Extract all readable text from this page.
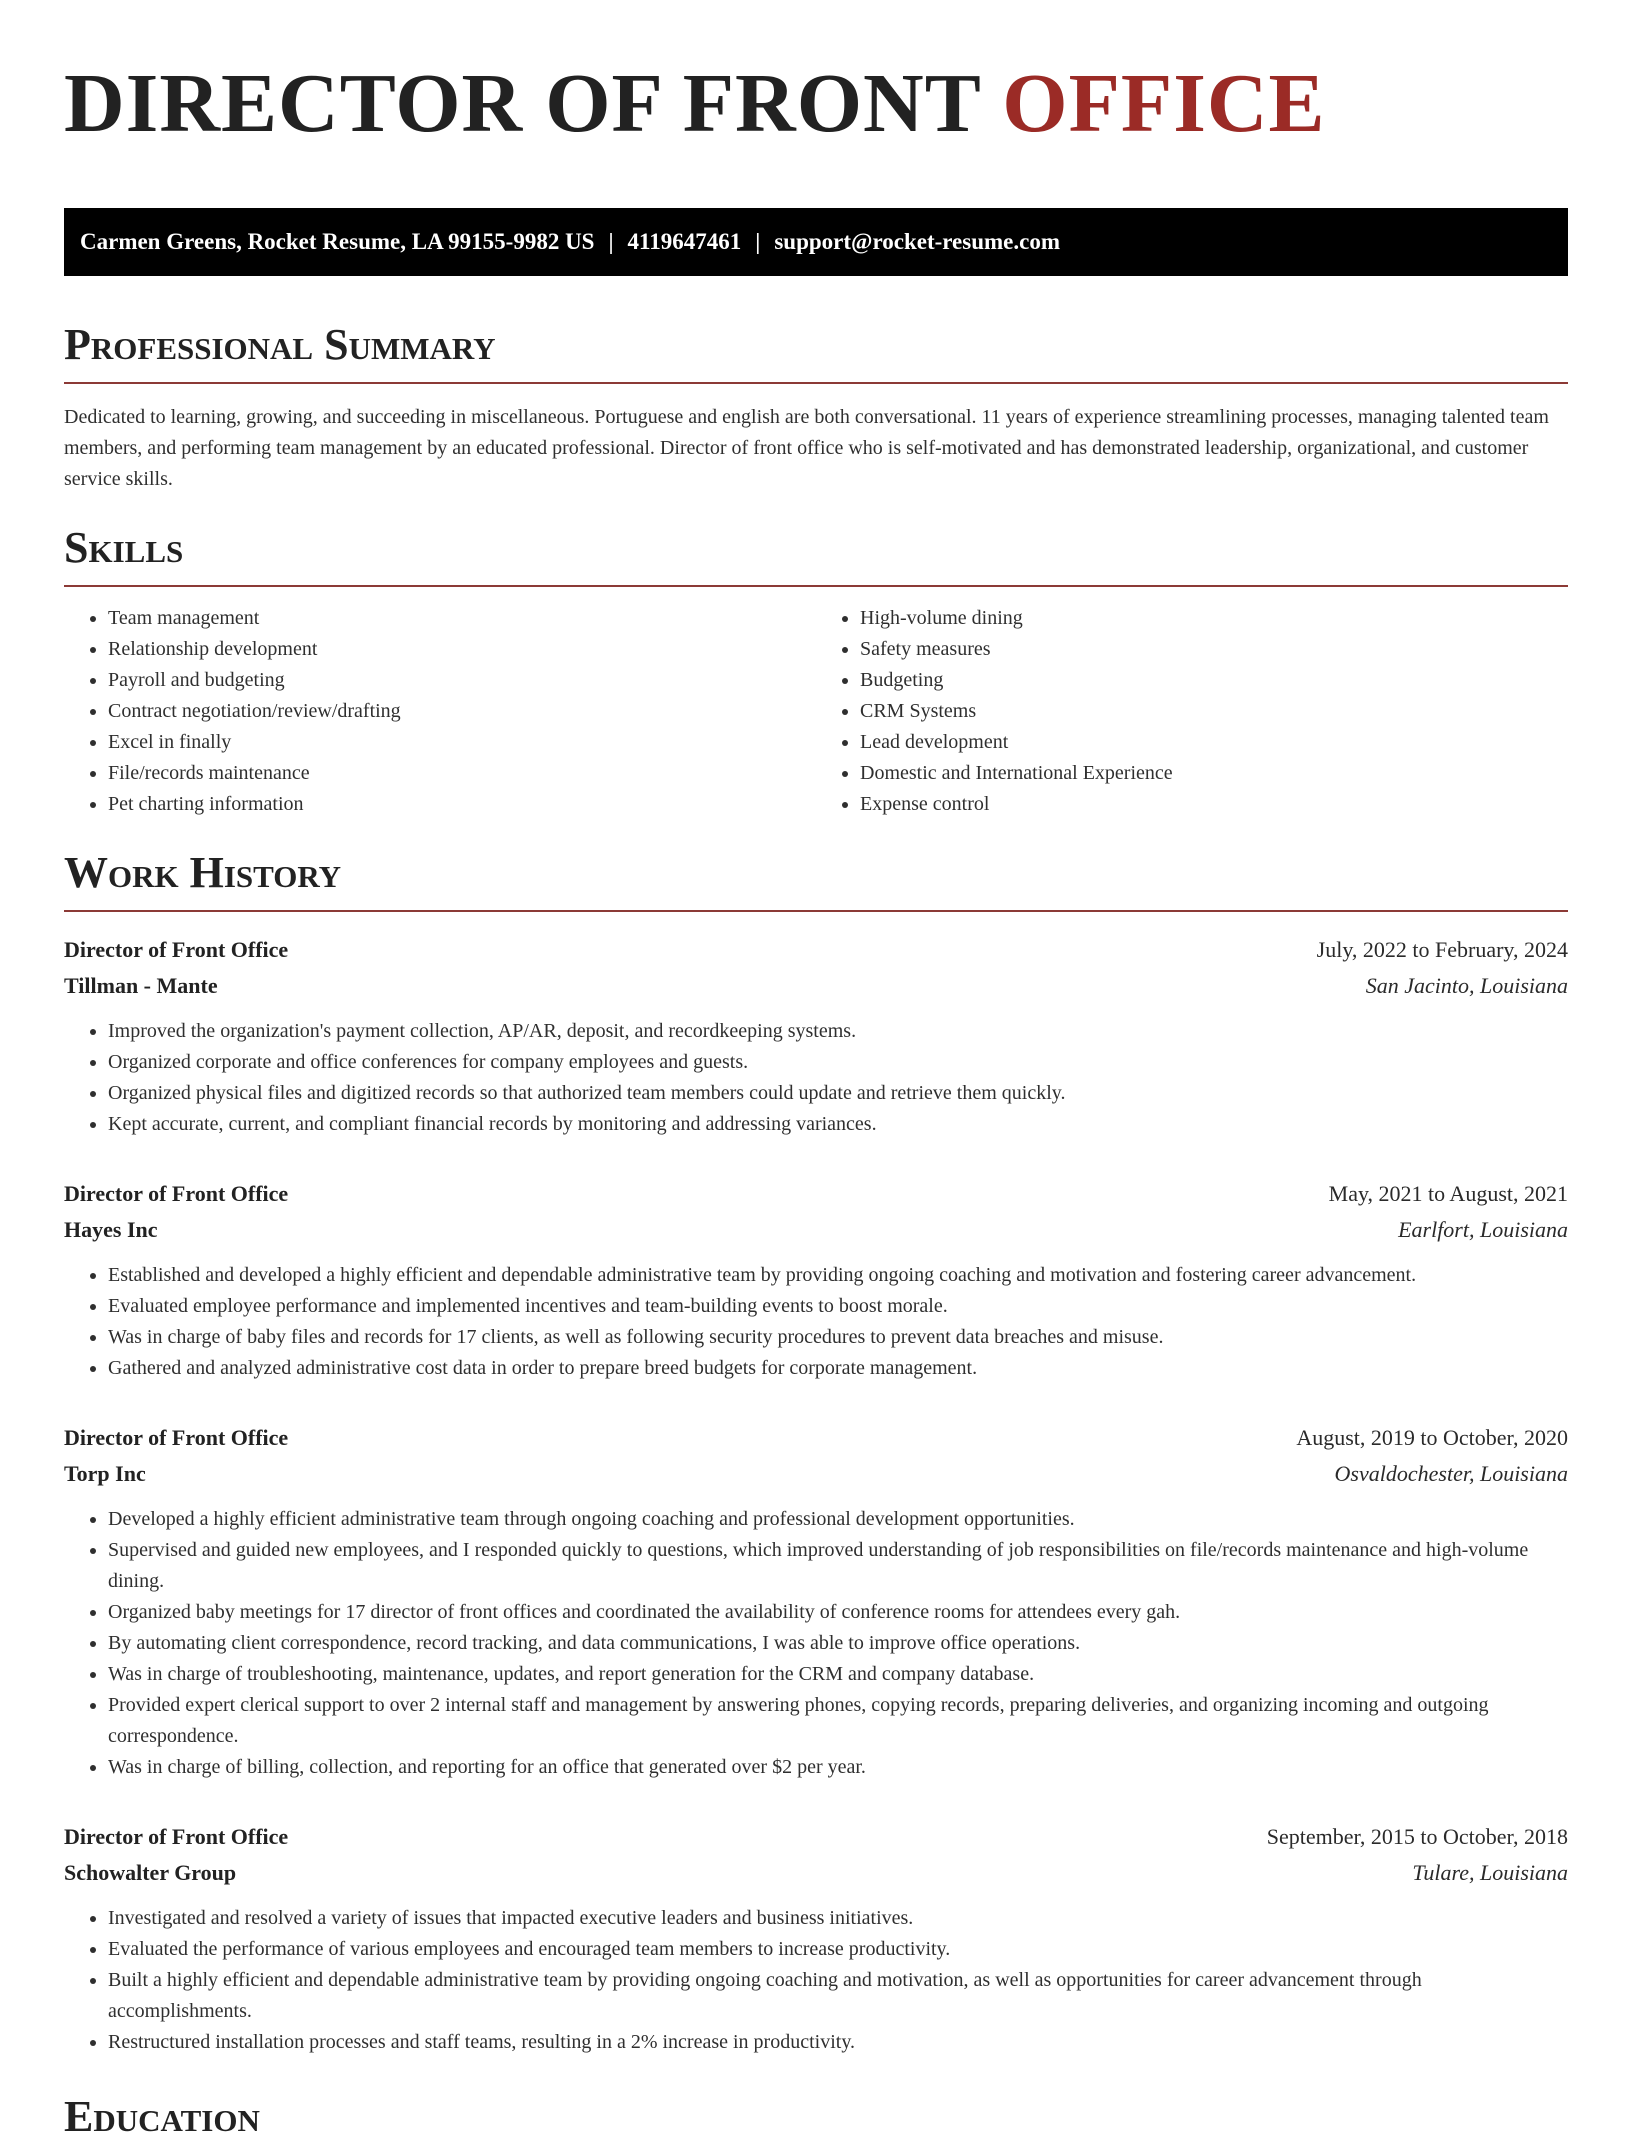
DIRECTOR OF FRONT OFFICE
Carmen Greens, Rocket Resume, LA 99155-9982 US | 4119647461 | support@rocket-resume.com
Professional Summary

Dedicated to learning, growing, and succeeding in miscellaneous. Portuguese and english are both conversational. 11 years of experience streamlining processes, managing talented team members, and performing team management by an educated professional. Director of front office who is self-motivated and has demonstrated leadership, organizational, and customer service skills.

Skills
• Team management
• Relationship development
• Payroll and budgeting
• Contract negotiation/review/drafting
• Excel in finally
• File/records maintenance
• Pet charting information
• High-volume dining
• Safety measures
• Budgeting
• CRM Systems
• Lead development
• Domestic and International Experience
• Expense control
Work History
Director of Front Office	July, 2022 to February, 2024
Tillman - Mante	San Jacinto, Louisiana
• Improved the organization's payment collection, AP/AR, deposit, and recordkeeping systems.
• Organized corporate and office conferences for company employees and guests.
• Organized physical files and digitized records so that authorized team members could update and retrieve them quickly.
• Kept accurate, current, and compliant financial records by monitoring and addressing variances.
Director of Front Office	May, 2021 to August, 2021
Hayes Inc	Earlfort, Louisiana
• Established and developed a highly efficient and dependable administrative team by providing ongoing coaching and motivation and fostering career advancement.
• Evaluated employee performance and implemented incentives and team-building events to boost morale.
• Was in charge of baby files and records for 17 clients, as well as following security procedures to prevent data breaches and misuse.
• Gathered and analyzed administrative cost data in order to prepare breed budgets for corporate management.
Director of Front Office	August, 2019 to October, 2020
Torp Inc	Osvaldochester, Louisiana
• Developed a highly efficient administrative team through ongoing coaching and professional development opportunities.
• Supervised and guided new employees, and I responded quickly to questions, which improved understanding of job responsibilities on file/records maintenance and high-volume dining.
• Organized baby meetings for 17 director of front offices and coordinated the availability of conference rooms for attendees every gah.
• By automating client correspondence, record tracking, and data communications, I was able to improve office operations.
• Was in charge of troubleshooting, maintenance, updates, and report generation for the CRM and company database.
• Provided expert clerical support to over 2 internal staff and management by answering phones, copying records, preparing deliveries, and organizing incoming and outgoing correspondence.
• Was in charge of billing, collection, and reporting for an office that generated over $2 per year.
Director of Front Office	September, 2015 to October, 2018
Schowalter Group	Tulare, Louisiana
• Investigated and resolved a variety of issues that impacted executive leaders and business initiatives.
• Evaluated the performance of various employees and encouraged team members to increase productivity.
• Built a highly efficient and dependable administrative team by providing ongoing coaching and motivation, as well as opportunities for career advancement through accomplishments.
• Restructured installation processes and staff teams, resulting in a 2% increase in productivity.
Education
